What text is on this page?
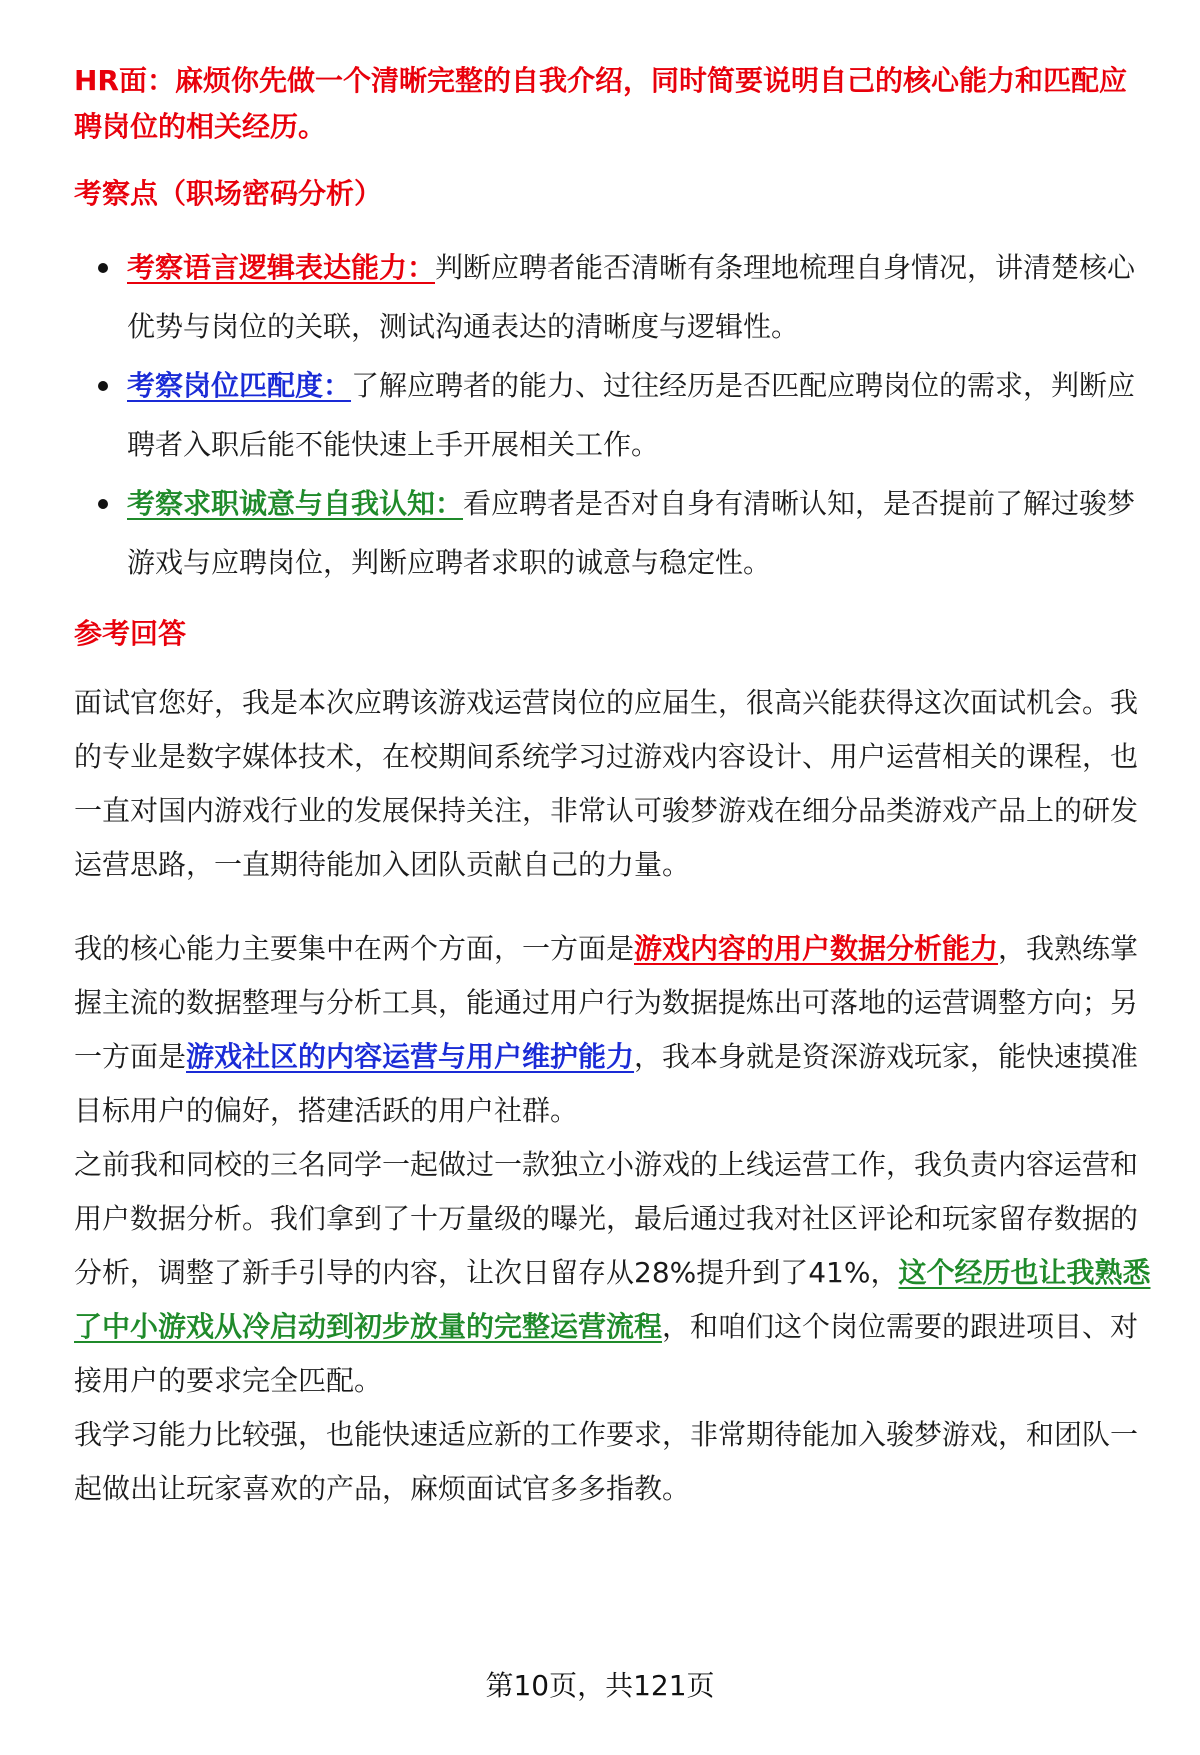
HR面：麻烦你先做一个清晰完整的自我介绍，同时简要说明自己的核心能力和匹配应聘岗位的相关经历。

考察点（职场密码分析）

考察语言逻辑表达能力：判断应聘者能否清晰有条理地梳理自身情况，讲清楚核心优势与岗位的关联，测试沟通表达的清晰度与逻辑性。
考察岗位匹配度：了解应聘者的能力、过往经历是否匹配应聘岗位的需求，判断应聘者入职后能不能快速上手开展相关工作。
考察求职诚意与自我认知：看应聘者是否对自身有清晰认知，是否提前了解过骏梦游戏与应聘岗位，判断应聘者求职的诚意与稳定性。

参考回答

面试官您好，我是本次应聘该游戏运营岗位的应届生，很高兴能获得这次面试机会。我的专业是数字媒体技术，在校期间系统学习过游戏内容设计、用户运营相关的课程，也一直对国内游戏行业的发展保持关注，非常认可骏梦游戏在细分品类游戏产品上的研发运营思路，一直期待能加入团队贡献自己的力量。

我的核心能力主要集中在两个方面，一方面是游戏内容的用户数据分析能力，我熟练掌握主流的数据整理与分析工具，能通过用户行为数据提炼出可落地的运营调整方向；另一方面是游戏社区的内容运营与用户维护能力，我本身就是资深游戏玩家，能快速摸准目标用户的偏好，搭建活跃的用户社群。

之前我和同校的三名同学一起做过一款独立小游戏的上线运营工作，我负责内容运营和用户数据分析。我们拿到了十万量级的曝光，最后通过我对社区评论和玩家留存数据的分析，调整了新手引导的内容，让次日留存从28%提升到了41%，这个经历也让我熟悉了中小游戏从冷启动到初步放量的完整运营流程，和咱们这个岗位需要的跟进项目、对接用户的要求完全匹配。

我学习能力比较强，也能快速适应新的工作要求，非常期待能加入骏梦游戏，和团队一起做出让玩家喜欢的产品，麻烦面试官多多指教。

第10页，共121页
